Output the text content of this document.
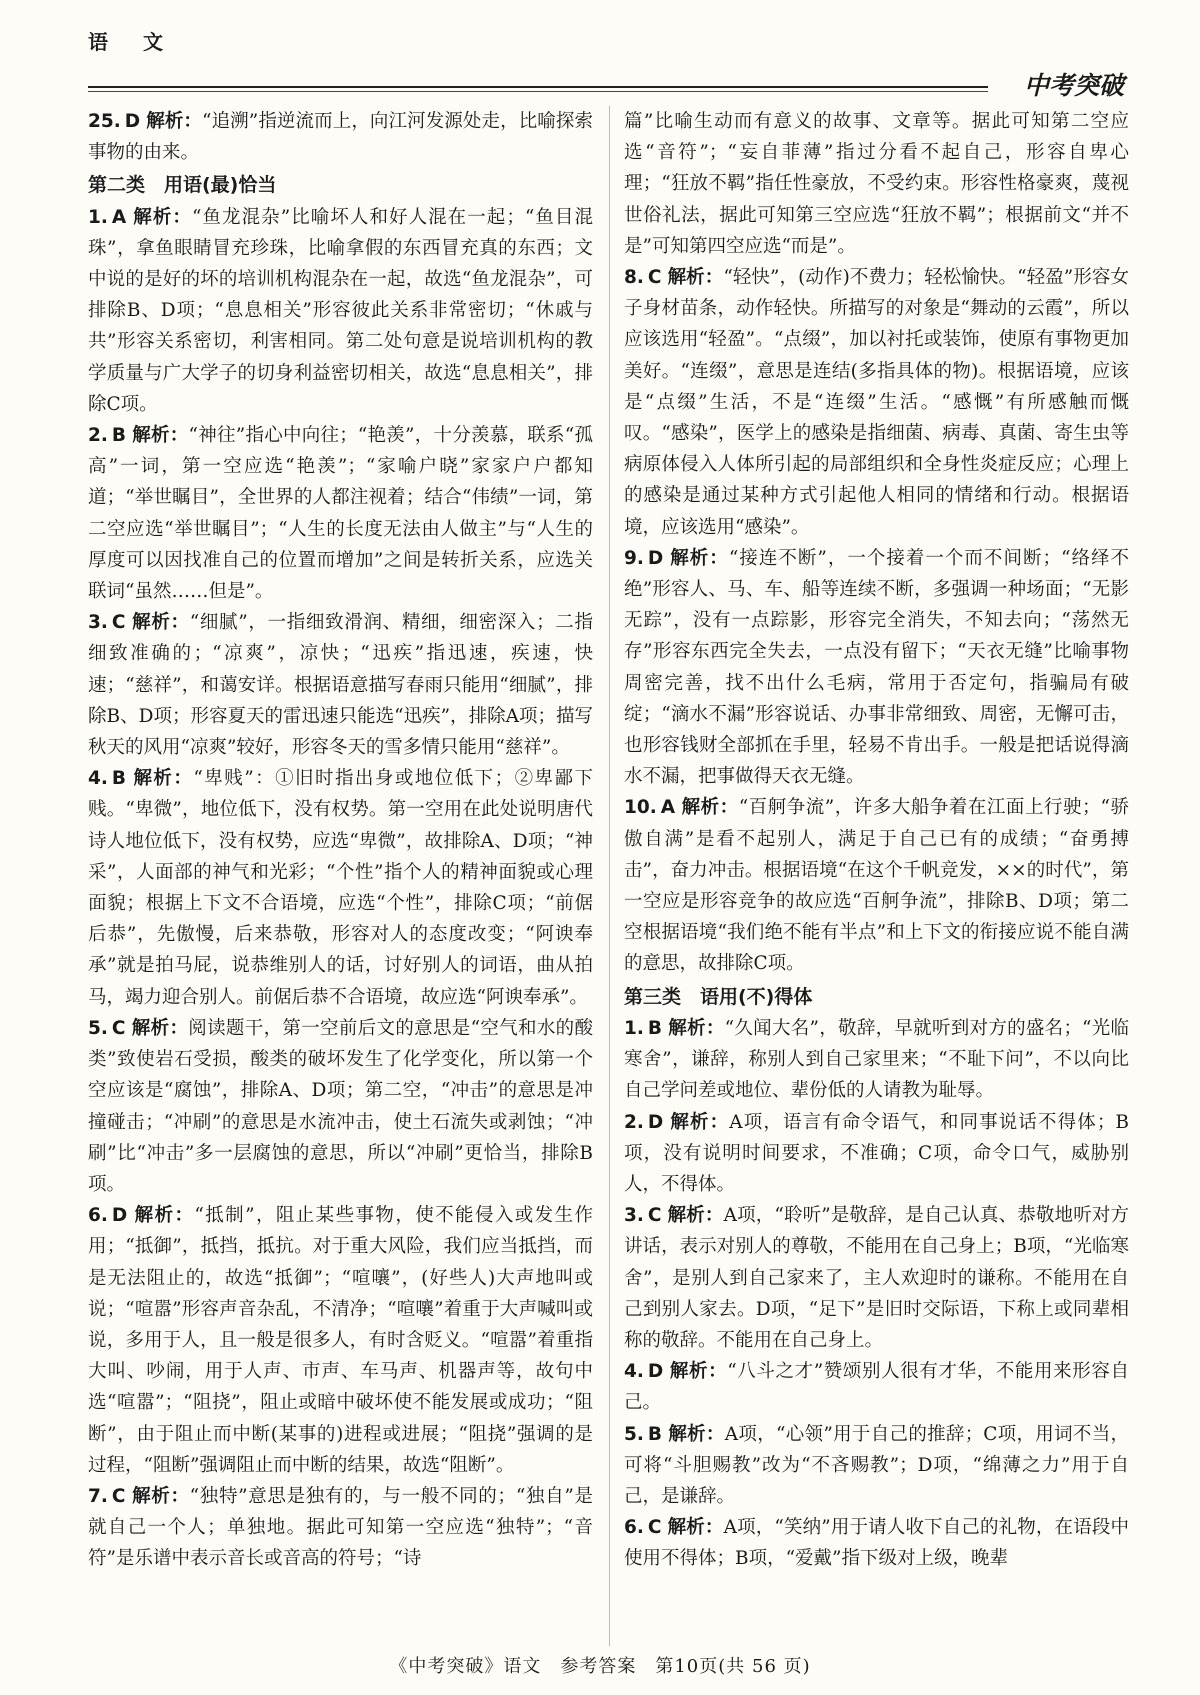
语 文
中考突破

25. D 解析：“追溯”指逆流而上，向江河发源处走，比喻探索事物的由来。

第二类　用语(最)恰当

1. A 解析：“鱼龙混杂”比喻坏人和好人混在一起；“鱼目混珠”，拿鱼眼睛冒充珍珠，比喻拿假的东西冒充真的东西；文中说的是好的坏的培训机构混杂在一起，故选“鱼龙混杂”，可排除B、D项；“息息相关”形容彼此关系非常密切；“休戚与共”形容关系密切，利害相同。第二处句意是说培训机构的教学质量与广大学子的切身利益密切相关，故选“息息相关”，排除C项。

2. B 解析：“神往”指心中向往；“艳羡”，十分羡慕，联系“孤高”一词，第一空应选“艳羡”；“家喻户晓”家家户户都知道；“举世瞩目”，全世界的人都注视着；结合“伟绩”一词，第二空应选“举世瞩目”；“人生的长度无法由人做主”与“人生的厚度可以因找准自己的位置而增加”之间是转折关系，应选关联词“虽然……但是”。

3. C 解析：“细腻”，一指细致滑润、精细，细密深入；二指细致准确的；“凉爽”，凉快；“迅疾”指迅速，疾速，快速；“慈祥”，和蔼安详。根据语意描写春雨只能用“细腻”，排除B、D项；形容夏天的雷迅速只能选“迅疾”，排除A项；描写秋天的风用“凉爽”较好，形容冬天的雪多情只能用“慈祥”。

4. B 解析：“卑贱”：①旧时指出身或地位低下；②卑鄙下贱。“卑微”，地位低下，没有权势。第一空用在此处说明唐代诗人地位低下，没有权势，应选“卑微”，故排除A、D项；“神采”，人面部的神气和光彩；“个性”指个人的精神面貌或心理面貌；根据上下文不合语境，应选“个性”，排除C项；“前倨后恭”，先傲慢，后来恭敬，形容对人的态度改变；“阿谀奉承”就是拍马屁，说恭维别人的话，讨好别人的词语，曲从拍马，竭力迎合别人。前倨后恭不合语境，故应选“阿谀奉承”。

5. C 解析：阅读题干，第一空前后文的意思是“空气和水的酸类”致使岩石受损，酸类的破坏发生了化学变化，所以第一个空应该是“腐蚀”，排除A、D项；第二空，“冲击”的意思是冲撞碰击；“冲刷”的意思是水流冲击，使土石流失或剥蚀；“冲刷”比“冲击”多一层腐蚀的意思，所以“冲刷”更恰当，排除B项。

6. D 解析：“抵制”，阻止某些事物，使不能侵入或发生作用；“抵御”，抵挡，抵抗。对于重大风险，我们应当抵挡，而是无法阻止的，故选“抵御”；“喧嚷”，(好些人)大声地叫或说；“喧嚣”形容声音杂乱，不清净；“喧嚷”着重于大声喊叫或说，多用于人，且一般是很多人，有时含贬义。“喧嚣”着重指大叫、吵闹，用于人声、市声、车马声、机器声等，故句中选“喧嚣”；“阻挠”，阻止或暗中破坏使不能发展或成功；“阻断”，由于阻止而中断(某事的)进程或进展；“阻挠”强调的是过程，“阻断”强调阻止而中断的结果，故选“阻断”。

7. C 解析：“独特”意思是独有的，与一般不同的；“独自”是就自己一个人；单独地。据此可知第一空应选“独特”；“音符”是乐谱中表示音长或音高的符号；“诗

篇”比喻生动而有意义的故事、文章等。据此可知第二空应选“音符”；“妄自菲薄”指过分看不起自己，形容自卑心理；“狂放不羁”指任性豪放，不受约束。形容性格豪爽，蔑视世俗礼法，据此可知第三空应选“狂放不羁”；根据前文“并不是”可知第四空应选“而是”。

8. C 解析：“轻快”，(动作)不费力；轻松愉快。“轻盈”形容女子身材苗条，动作轻快。所描写的对象是“舞动的云霞”，所以应该选用“轻盈”。“点缀”，加以衬托或装饰，使原有事物更加美好。“连缀”，意思是连结(多指具体的物)。根据语境，应该是“点缀”生活，不是“连缀”生活。“感慨”有所感触而慨叹。“感染”，医学上的感染是指细菌、病毒、真菌、寄生虫等病原体侵入人体所引起的局部组织和全身性炎症反应；心理上的感染是通过某种方式引起他人相同的情绪和行动。根据语境，应该选用“感染”。

9. D 解析：“接连不断”，一个接着一个而不间断；“络绎不绝”形容人、马、车、船等连续不断，多强调一种场面；“无影无踪”，没有一点踪影，形容完全消失，不知去向；“荡然无存”形容东西完全失去，一点没有留下；“天衣无缝”比喻事物周密完善，找不出什么毛病，常用于否定句，指骗局有破绽；“滴水不漏”形容说话、办事非常细致、周密，无懈可击，也形容钱财全部抓在手里，轻易不肯出手。一般是把话说得滴水不漏，把事做得天衣无缝。

10. A 解析：“百舸争流”，许多大船争着在江面上行驶；“骄傲自满”是看不起别人，满足于自己已有的成绩；“奋勇搏击”，奋力冲击。根据语境“在这个千帆竞发，××的时代”，第一空应是形容竞争的故应选“百舸争流”，排除B、D项；第二空根据语境“我们绝不能有半点”和上下文的衔接应说不能自满的意思，故排除C项。

第三类　语用(不)得体

1. B 解析：“久闻大名”，敬辞，早就听到对方的盛名；“光临寒舍”，谦辞，称别人到自己家里来；“不耻下问”，不以向比自己学问差或地位、辈份低的人请教为耻辱。

2. D 解析：A项，语言有命令语气，和同事说话不得体；B项，没有说明时间要求，不准确；C项，命令口气，威胁别人，不得体。

3. C 解析：A项，“聆听”是敬辞，是自己认真、恭敬地听对方讲话，表示对别人的尊敬，不能用在自己身上；B项，“光临寒舍”，是别人到自己家来了，主人欢迎时的谦称。不能用在自己到别人家去。D项，“足下”是旧时交际语，下称上或同辈相称的敬辞。不能用在自己身上。

4. D 解析：“八斗之才”赞颂别人很有才华，不能用来形容自己。

5. B 解析：A项，“心领”用于自己的推辞；C项，用词不当，可将“斗胆赐教”改为“不吝赐教”；D项，“绵薄之力”用于自己，是谦辞。

6. C 解析：A项，“笑纳”用于请人收下自己的礼物，在语段中使用不得体；B项，“爱戴”指下级对上级，晚辈

《中考突破》语文　参考答案　第10页(共 56 页)
